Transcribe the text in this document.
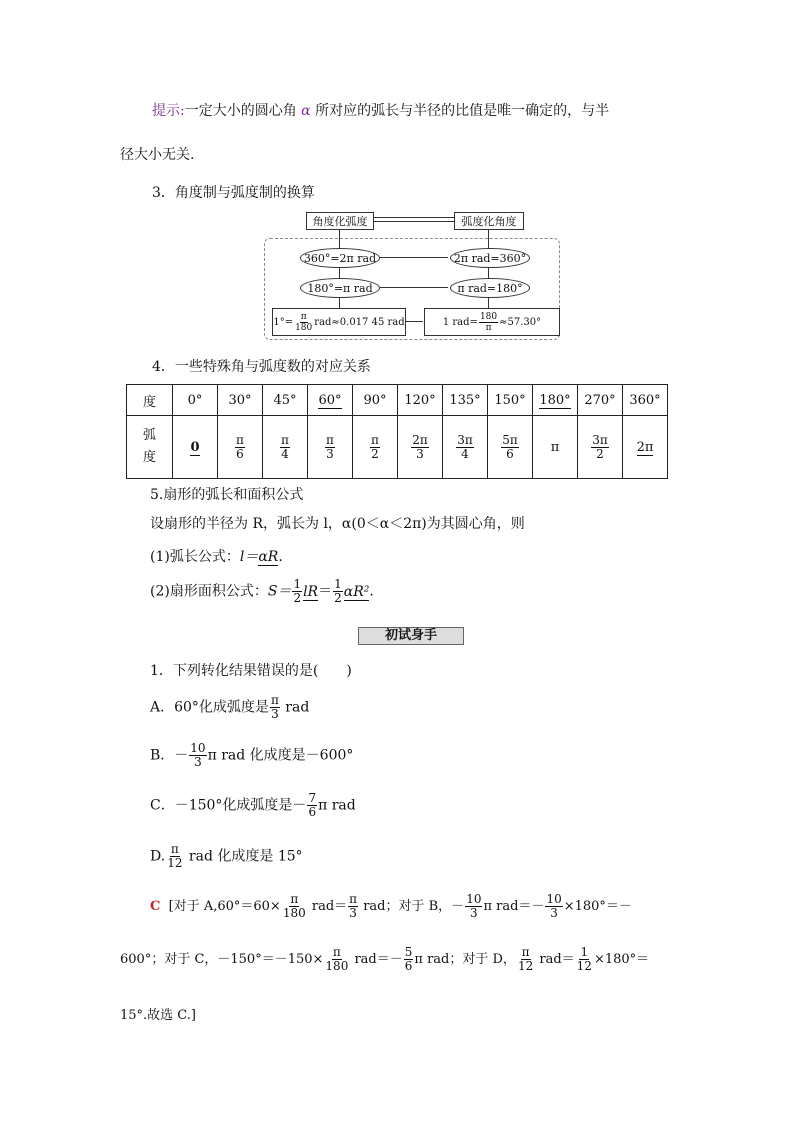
提示:一定大小的圆心角 α 所对应的弧长与半径的比值是唯一确定的，与半
径大小无关.
3．角度制与弧度制的换算
角度化弧度	弧度化角度
360°=2π rad	2π rad=360°
180°=π rad	π rad=180°
$1^\circ= \frac{\pi}{180} rad\approx 0.017$ 45 rad	1 $rad= \frac{180}{\pi} \approx 57.30^\circ$
4．一些特殊角与弧度数的对应关系
度	0°	30°	45°	60°	90°	120°	135°	150°	180°	270°	360°
弧
度	0	$\frac{\pi}{6}$	$\frac{\pi}{4}$	$\frac{\pi}{3}$	$\frac{\pi}{2}$	$\frac{2\pi}{3}$	$\frac{3\pi}{4}$	$\frac{5\pi}{6}$	π	$\frac{3\pi}{2}$	2π
5.扇形的弧长和面积公式
设扇形的半径为 R，弧长为 l，α(0＜α＜2π)为其圆心角，则
(1)弧长公式：l＝αR.
(2)扇形面积公式：$S= \frac{1}{2} lR= \frac{1}{2} \alpha R^2$.
初试身手
1．下列转化结果错误的是(　　)
A．60°化成弧度是 $\frac{\pi}{3}$ rad
B．－ $\frac{10}{3}$ π rad 化成度是－600°
C．－150°化成弧度是－ $\frac{7}{6}$ π rad
D. $\frac{\pi}{12}$ rad 化成度是 15°
C [对于 $A,60^\circ=60\times \frac{\pi}{180} rad= \frac{\pi}{3}$ rad；对于 B，－ $\frac{10}{3}$ π $rad=- \frac{10}{3} \times 180^\circ=-$
600°；对于 C，$-150^\circ=-150\times \frac{\pi}{180} rad=- \frac{5}{6}$ π rad；对于 D， $\frac{\pi}{12} rad= \frac{1}{12} \times 180^\circ=$
15°.故选 C.]
